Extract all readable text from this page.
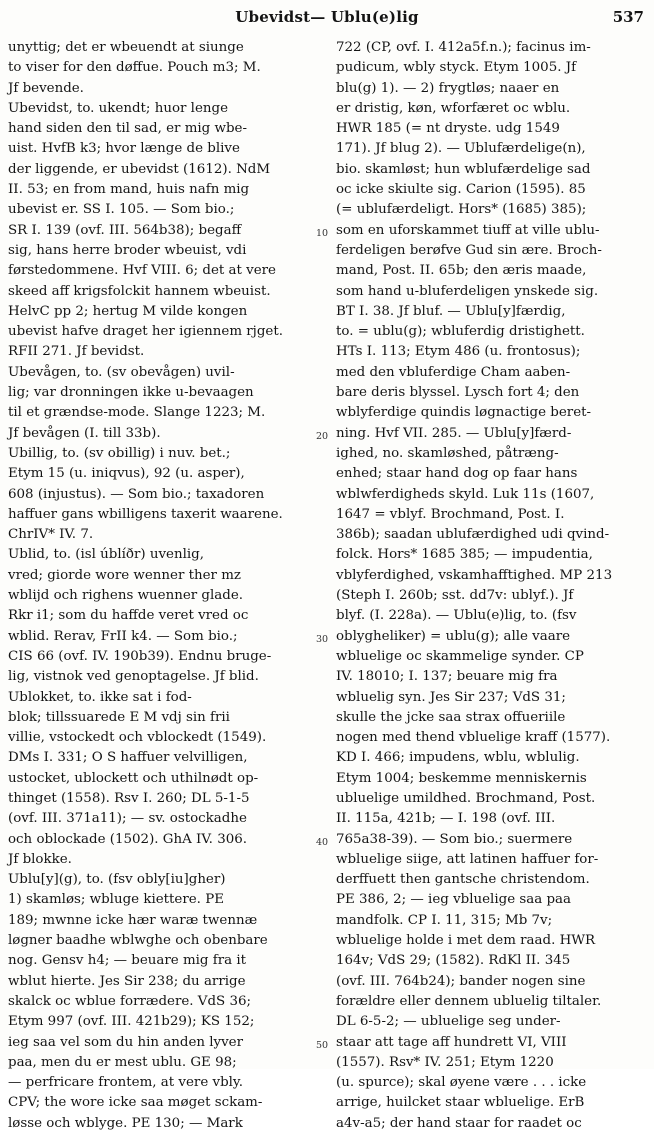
Ubevidst— Ublu(e)lig	537
unyttig; det er wbeuendt at siunge
to viser for den døffue. Pouch m3; M.
Jf bevende.
Ubevidst, to. ukendt; huor lenge
hand siden den til sad, er mig wbe-
uist. HvfB k3; hvor længe de blive
der liggende, er ubevidst (1612). NdM
II. 53; en from mand, huis nafn mig
ubevist er. SS I. 105. — Som bio.;
SR I. 139 (ovf. III. 564b38); begaff
sig, hans herre broder wbeuist, vdi
førstedommene. Hvf VIII. 6; det at vere
skeed aff krigsfolckit hannem wbeuist.
HelvC pp 2; hertug M vilde kongen
ubevist hafve draget her igiennem rjget.
RFII 271. Jf bevidst.
Ubevågen, to. (sv obevågen) uvil-
lig; var dronningen ikke u-bevaagen
til et grændse-mode. Slange 1223; M.
Jf bevågen (I. till 33b).
Ubillig, to. (sv obillig) i nuv. bet.;
Etym 15 (u. iniqvus), 92 (u. asper),
608 (injustus). — Som bio.; taxadoren
haffuer gans wbilligens taxerit waarene.
ChrIV* IV. 7.
Ublid, to. (isl úblíðr) uvenlig,
vred; giorde wore wenner ther mz
wblijd och righens wuenner glade.
Rkr i1; som du haffde veret vred oc
wblid. Rerav, FrII k4. — Som bio.;
CIS 66 (ovf. IV. 190b39). Endnu bruge-
lig, vistnok ved genoptagelse. Jf blid.
Ublokket, to. ikke sat i fod-
blok; tillssuarede E M vdj sin frii
villie, vstockedt och vblockedt (1549).
DMs I. 331; O S haffuer velvilligen,
ustocket, ublockett och uthilnødt op-
thinget (1558). Rsv I. 260; DL 5-1-5
(ovf. III. 371a11); — sv. ostockadhe
och oblockade (1502). GhA IV. 306.
Jf blokke.
Ublu[y](g), to. (fsv obly[iu]gher)
1) skamløs; wbluge kiettere. PE
189; mwnne icke hær waræ twennæ
løgner baadhe wblwghe och obenbare
nog. Gensv h4; — beuare mig fra it
wblut hierte. Jes Sir 238; du arrige
skalck oc wblue forrædere. VdS 36;
Etym 997 (ovf. III. 421b29); KS 152;
ieg saa vel som du hin anden lyver
paa, men du er mest ublu. GE 98;
— perfricare frontem, at vere vbly.
CPV; the wore icke saa møget sckam-
løsse och wblyge. PE 130; — Mark
722 (CP, ovf. I. 412a5f.n.); facinus im-
pudicum, wbly styck. Etym 1005. Jf
blu(g) 1). — 2) frygtløs; naaer en
er dristig, køn, wforfæret oc wblu.
HWR 185 (= nt dryste. udg 1549
171). Jf blug 2). — Ublufærdelige(n),
bio. skamløst; hun wblufærdelige sad
oc icke skiulte sig. Carion (1595). 85
(= ublufærdeligt. Hors* (1685) 385);
som en uforskammet tiuff at ville ublu-
ferdeligen berøfve Gud sin ære. Broch-
mand, Post. II. 65b; den æris maade,
som hand u-bluferdeligen ynskede sig.
BT I. 38. Jf bluf. — Ublu[y]færdig,
to. = ublu(g); wbluferdig dristighett.
HTs I. 113; Etym 486 (u. frontosus);
med den vbluferdige Cham aaben-
bare deris blyssel. Lysch fort 4; den
wblyferdige quindis løgnactige beret-
ning. Hvf VII. 285. — Ublu[y]færd-
ighed, no. skamløshed, påtræng-
enhed; staar hand dog op faar hans
wblwferdigheds skyld. Luk 11s (1607,
1647 = vblyf. Brochmand, Post. I.
386b); saadan ublufærdighed udi qvind-
folck. Hors* 1685 385; — impudentia,
vblyferdighed, vskamhafftighed. MP 213
(Steph I. 260b; sst. dd7v: ublyf.). Jf
blyf. (I. 228a). — Ublu(e)lig, to. (fsv
oblygheliker) = ublu(g); alle vaare
wbluelige oc skammelige synder. CP
IV. 18010; I. 137; beuare mig fra
wbluelig syn. Jes Sir 237; VdS 31;
skulle the jcke saa strax offueriile
nogen med thend vbluelige kraff (1577).
KD I. 466; impudens, wblu, wblulig.
Etym 1004; beskemme menniskernis
ubluelige umildhed. Brochmand, Post.
II. 115a, 421b; — I. 198 (ovf. III.
765a38-39). — Som bio.; suermere
wbluelige siige, att latinen haffuer for-
derffuett then gantsche christendom.
PE 386, 2; — ieg vbluelige saa paa
mandfolk. CP I. 11, 315; Mb 7v;
wbluelige holde i met dem raad. HWR
164v; VdS 29; (1582). RdKl II. 345
(ovf. III. 764b24); bander nogen sine
forældre eller dennem ubluelig tiltaler.
DL 6-5-2; — ubluelige seg under-
staar att tage aff hundrett VI, VIII
(1557). Rsv* IV. 251; Etym 1220
(u. spurce); skal øyene være . . . icke
arrige, huilcket staar wbluelige. ErB
a4v-a5; der hand staar for raadet oc
10
20
30
40
50
